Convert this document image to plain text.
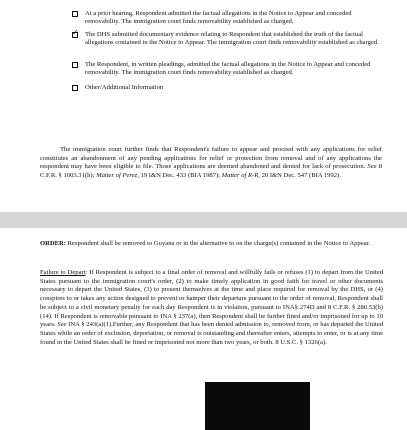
At a prior hearing, Respondent admitted the factual allegations in the Notice to Appear and conceded removability. The immigration court finds removability established as charged.
✓
The DHS submitted documentary evidence relating to Respondent that established the truth of the factual allegations contained in the Notice to Appear. The immigration court finds removability established as charged.
The Respondent, in written pleadings, admitted the factual allegations in the Notice to Appear and conceded removability. The immigration court finds removability established as charged.
Other/Additional Information
The immigration court further finds that Respondent's failure to appear and proceed with any applications for relief constitutes an abandonment of any pending applications for relief or protection from removal and of any applications the respondent may have been eligible to file. Those applications are deemed abandoned and denied for lack of prosecution. See 8 C.F.R. § 1003.31(h); Matter of Perez, 19 I&N Dec. 433 (BIA 1987); Matter of R-R, 20 I&N Dec. 547 (BIA 1992).
ORDER: Respondent shall be removed to Guyana or in the alternative to on the charge(s) contained in the Notice to Appear.
Failure to Depart: If Respondent is subject to a final order of removal and willfully fails or refuses (1) to depart from the United States pursuant to the immigration court's order, (2) to make timely application in good faith for travel or other documents necessary to depart the United States, (3) to present themselves at the time and place required for removal by the DHS, or (4) conspires to or takes any action designed to prevent or hamper their departure pursuant to the order of removal, Respondent shall be subject to a civil monetary penalty for each day Respondent is in violation, pursuant to INA§ 274D and 8 C.F.R. § 280.53(b)(14). If Respondent is removable pursuant to INA § 237(a), then Respondent shall be further fined and/or imprisoned for up to 10 years. See INA § 243(a)(1).Further, any Respondent that has been denied admission to, removed from, or has departed the United States while an order of exclusion, deportation, or removal is outstanding and thereafter enters, attempts to enter, or is at any time found in the United States shall be fined or imprisoned not more than two years, or both. 8 U.S.C. § 1326(a).
